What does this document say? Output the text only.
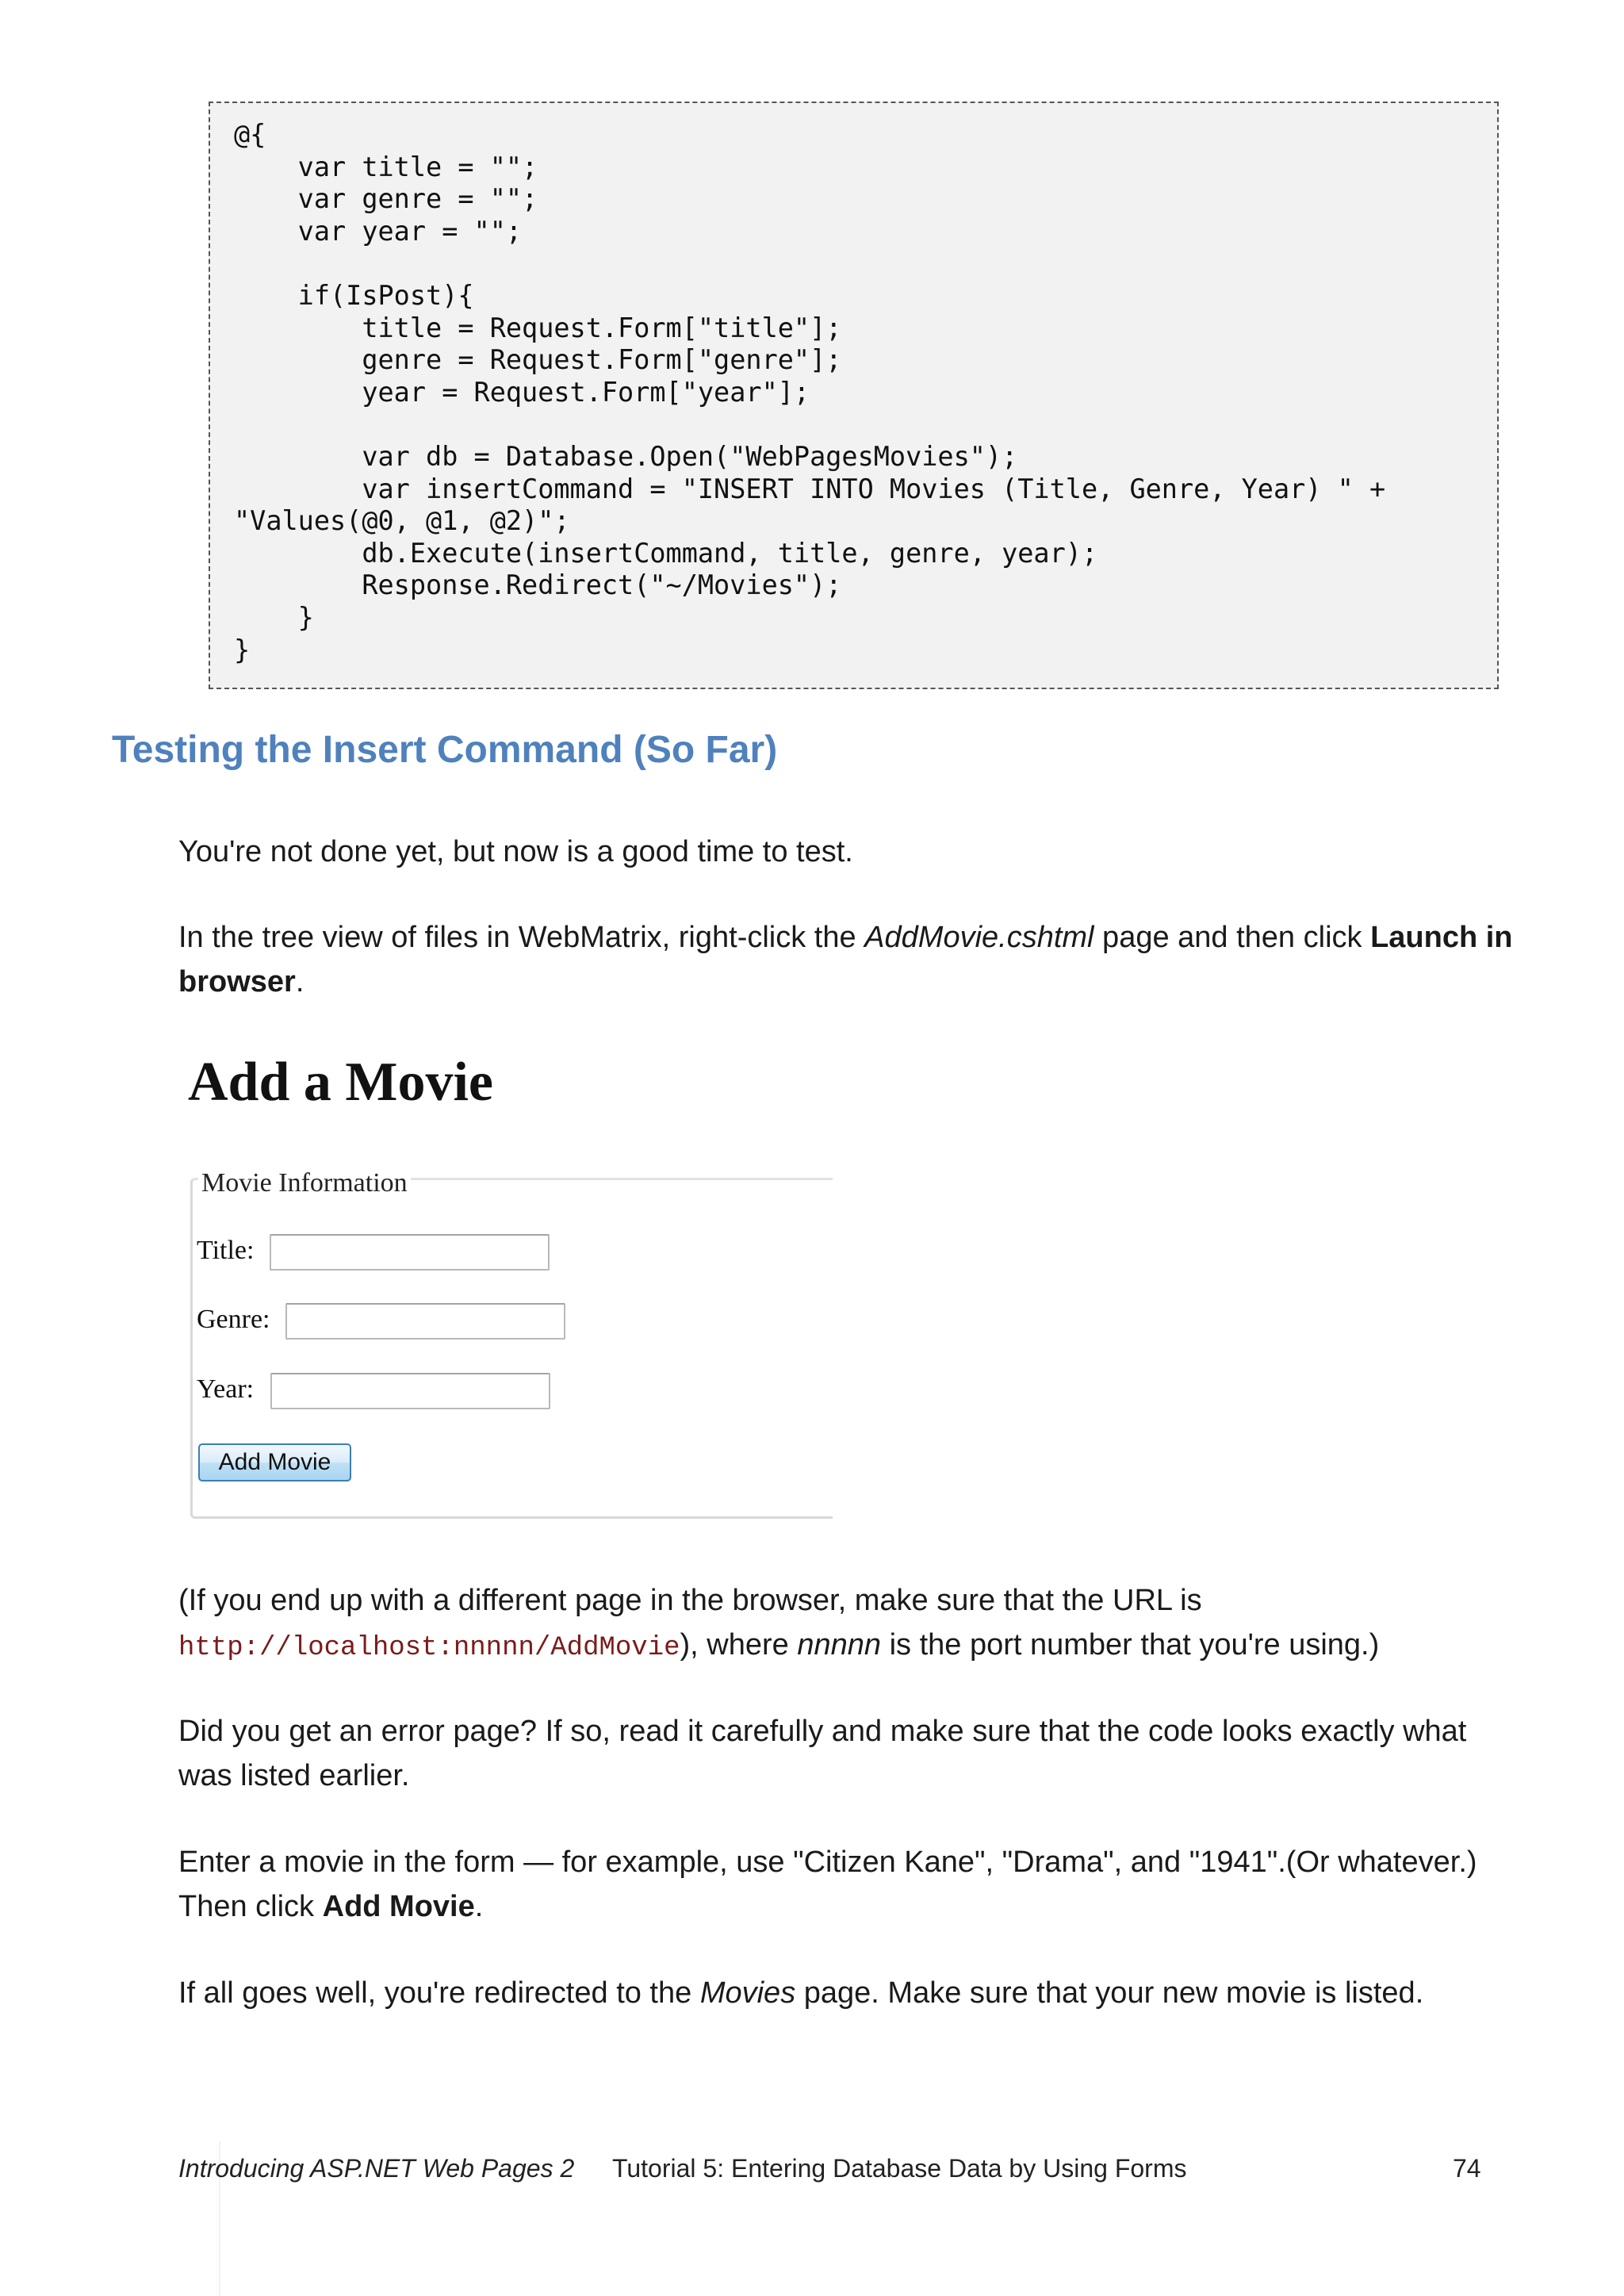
@{
var title = "";
var genre = "";
var year = "";

if(IsPost){
title = Request.Form["title"];
genre = Request.Form["genre"];
year = Request.Form["year"];

var db = Database.Open("WebPagesMovies");
var insertCommand = "INSERT INTO Movies (Title, Genre, Year) " +
"Values(@0, @1, @2)";
db.Execute(insertCommand, title, genre, year);
Response.Redirect("~/Movies");
}
}
Testing the Insert Command (So Far)

You're not done yet, but now is a good time to test.

In the tree view of files in WebMatrix, right-click the AddMovie.cshtml page and then click Launch in browser.

Add a Movie
Movie Information
Title:
Genre:
Year:
Add Movie

(If you end up with a different page in the browser, make sure that the URL is http://localhost:nnnnn/AddMovie), where nnnnn is the port number that you're using.)

Did you get an error page? If so, read it carefully and make sure that the code looks exactly what was listed earlier.

Enter a movie in the form — for example, use "Citizen Kane", "Drama", and "1941".(Or whatever.) Then click Add Movie.

If all goes well, you're redirected to the Movies page. Make sure that your new movie is listed.

Introducing ASP.NET Web Pages 2 Tutorial 5: Entering Database Data by Using Forms	74
